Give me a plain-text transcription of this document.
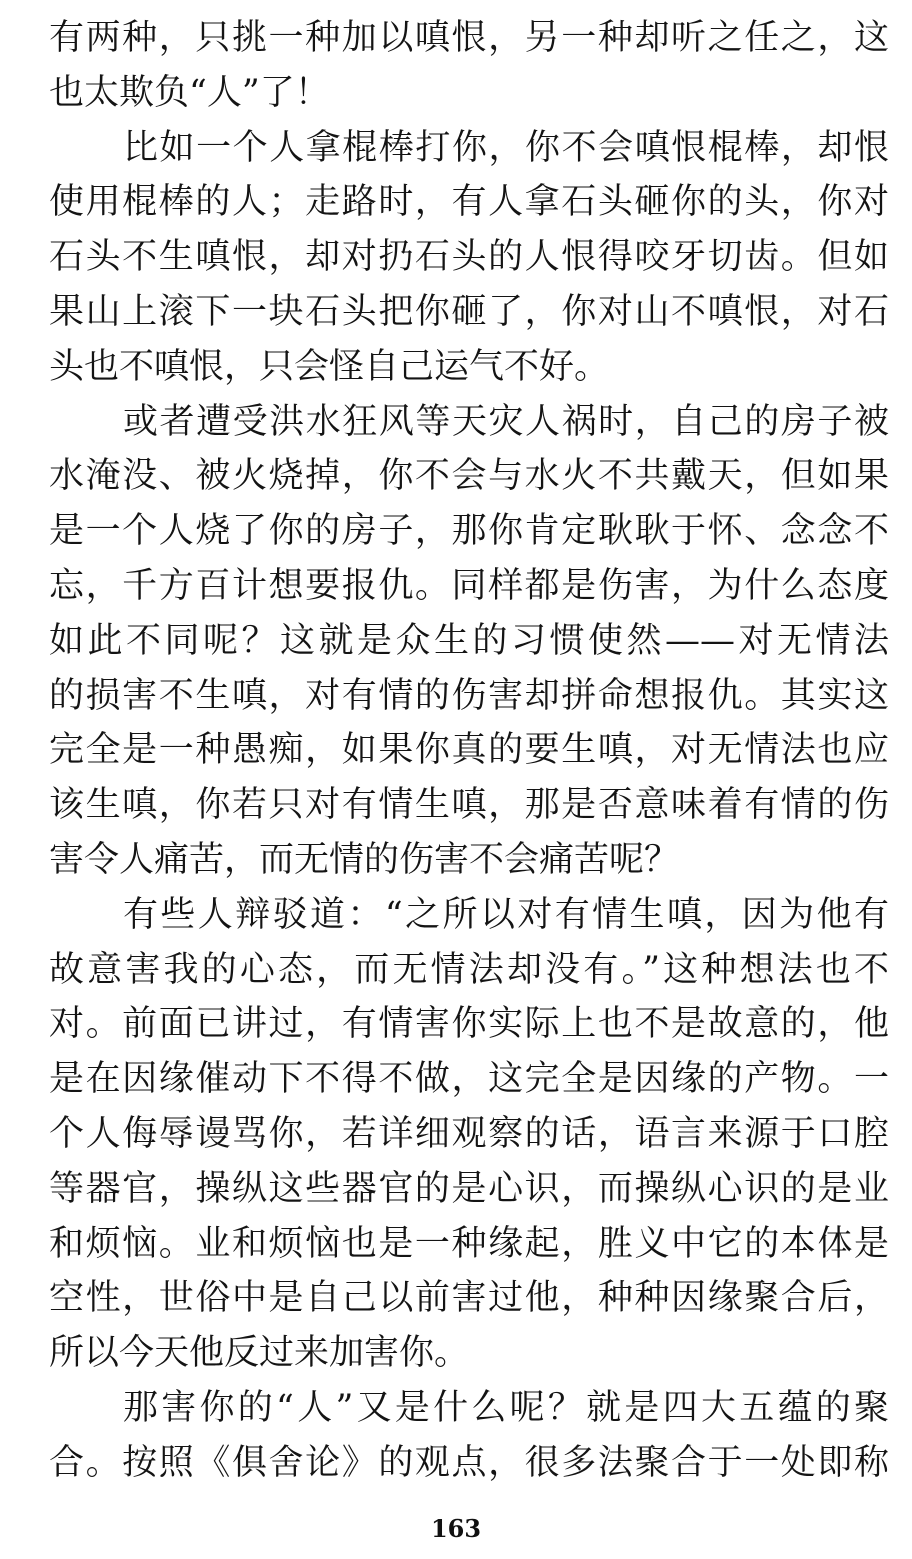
有两种，只挑一种加以嗔恨，另一种却听之任之，这
也太欺负“人”了！
比如一个人拿棍棒打你，你不会嗔恨棍棒，却恨
使用棍棒的人；走路时，有人拿石头砸你的头，你对
石头不生嗔恨，却对扔石头的人恨得咬牙切齿。但如
果山上滚下一块石头把你砸了，你对山不嗔恨，对石
头也不嗔恨，只会怪自己运气不好。
或者遭受洪水狂风等天灾人祸时，自己的房子被
水淹没、被火烧掉，你不会与水火不共戴天，但如果
是一个人烧了你的房子，那你肯定耿耿于怀、念念不
忘，千方百计想要报仇。同样都是伤害，为什么态度
如此不同呢？这就是众生的习惯使然——对无情法
的损害不生嗔，对有情的伤害却拼命想报仇。其实这
完全是一种愚痴，如果你真的要生嗔，对无情法也应
该生嗔，你若只对有情生嗔，那是否意味着有情的伤
害令人痛苦，而无情的伤害不会痛苦呢？
有些人辩驳道：“之所以对有情生嗔，因为他有
故意害我的心态，而无情法却没有。”这种想法也不
对。前面已讲过，有情害你实际上也不是故意的，他
是在因缘催动下不得不做，这完全是因缘的产物。一
个人侮辱谩骂你，若详细观察的话，语言来源于口腔
等器官，操纵这些器官的是心识，而操纵心识的是业
和烦恼。业和烦恼也是一种缘起，胜义中它的本体是
空性，世俗中是自己以前害过他，种种因缘聚合后，
所以今天他反过来加害你。
那害你的“人”又是什么呢？就是四大五蕴的聚
合。按照《俱舍论》的观点，很多法聚合于一处即称
163
